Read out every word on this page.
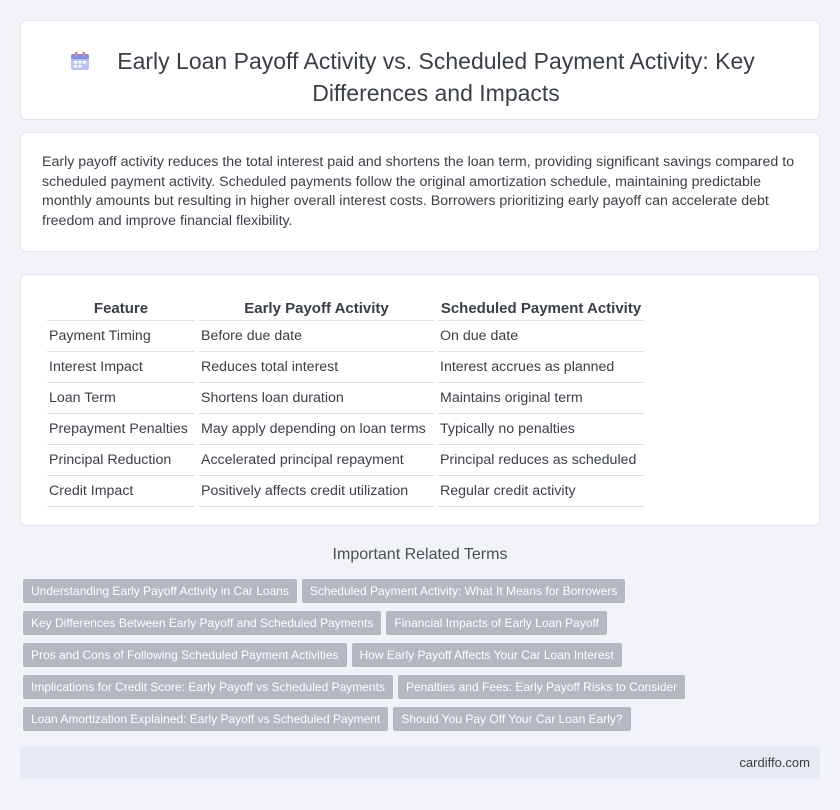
Early Loan Payoff Activity vs. Scheduled Payment Activity: Key Differences and Impacts

Early payoff activity reduces the total interest paid and shortens the loan term, providing significant savings compared to scheduled payment activity. Scheduled payments follow the original amortization schedule, maintaining predictable monthly amounts but resulting in higher overall interest costs. Borrowers prioritizing early payoff can accelerate debt freedom and improve financial flexibility.

Feature	Early Payoff Activity	Scheduled Payment Activity
Payment Timing	Before due date	On due date
Interest Impact	Reduces total interest	Interest accrues as planned
Loan Term	Shortens loan duration	Maintains original term
Prepayment Penalties	May apply depending on loan terms	Typically no penalties
Principal Reduction	Accelerated principal repayment	Principal reduces as scheduled
Credit Impact	Positively affects credit utilization	Regular credit activity
Important Related Terms
Understanding Early Payoff Activity in Car Loans Scheduled Payment Activity: What It Means for Borrowers
Key Differences Between Early Payoff and Scheduled Payments Financial Impacts of Early Loan Payoff
Pros and Cons of Following Scheduled Payment Activities How Early Payoff Affects Your Car Loan Interest
Implications for Credit Score: Early Payoff vs Scheduled Payments Penalties and Fees: Early Payoff Risks to Consider
Loan Amortization Explained: Early Payoff vs Scheduled Payment Should You Pay Off Your Car Loan Early?
cardiffo.com
